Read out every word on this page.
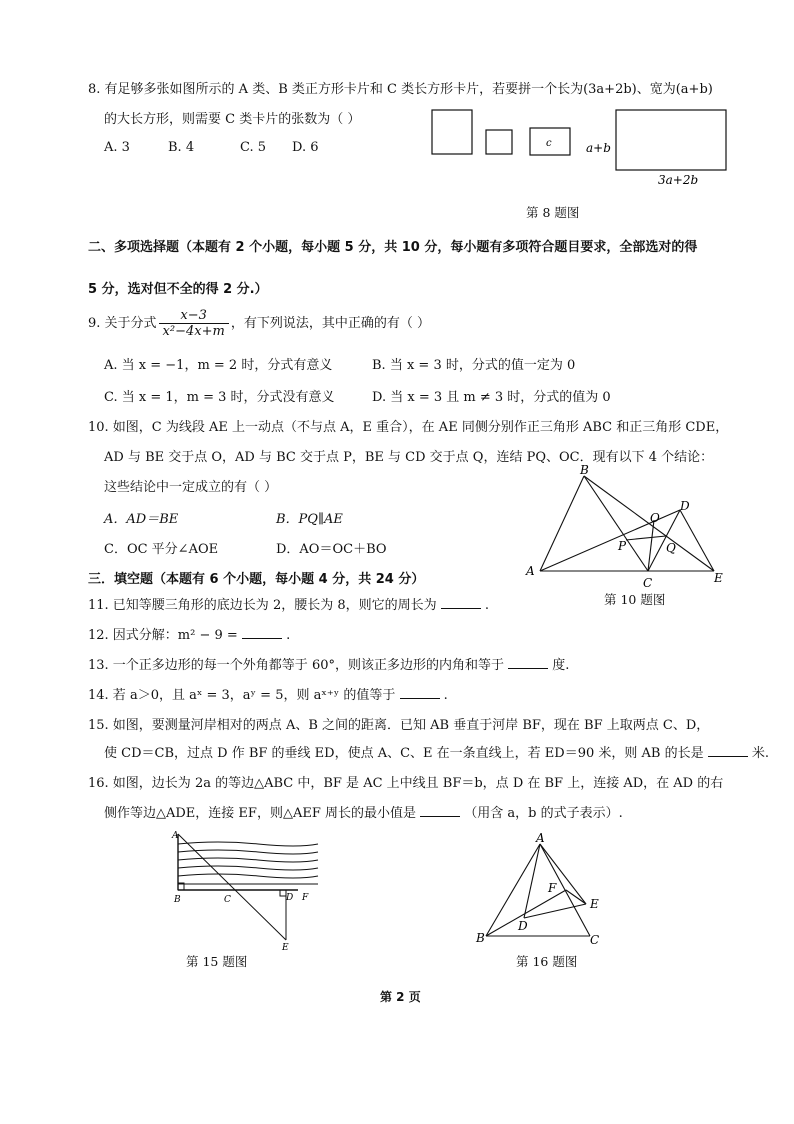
8. 有足够多张如图所示的 A 类、B 类正方形卡片和 C 类长方形卡片，若要拼一个长为(3a+2b)、宽为(a+b)
的大长方形，则需要 C 类卡片的张数为（ ）
A. 3	B. 4	C. 5 D. 6	c	a+b
3a+2b
第 8 题图
二、多项选择题（本题有 2 个小题，每小题 5 分，共 10 分，每小题有多项符合题目要求，全部选对的得
5 分，选对但不全的得 2 分.）
9. 关于分式 $\frac{x-3}{\text{x²−4x+m}}$ ，有下列说法，其中正确的有（ ）
A. 当 x = −1，m = 2 时，分式有意义	B. 当 x = 3 时，分式的值一定为 0
C. 当 x = 1，m = 3 时，分式没有意义	D. 当 x = 3 且 m ≠ 3 时，分式的值为 0
10. 如图，C 为线段 AE 上一动点（不与点 A，E 重合），在 AE 同侧分别作正三角形 ABC 和正三角形 CDE，
AD 与 BE 交于点 O，AD 与 BC 交于点 P，BE 与 CD 交于点 Q，连结 PQ、OC．现有以下 4 个结论：
这些结论中一定成立的有（ ）
A．AD＝BE	B．PQ∥AE
C．OC 平分∠AOE	D．AO＝OC＋BO
B
A
C
D
E
O
P	Q
第 10 题图
三．填空题（本题有 6 个小题，每小题 4 分，共 24 分）
11. 已知等腰三角形的底边长为 2，腰长为 8，则它的周长为	.
12. 因式分解：m² − 9 =	.
13. 一个正多边形的每一个外角都等于 60°，则该正多边形的内角和等于	度.
14. 若 a＞0，且 aˣ = 3，aʸ = 5，则 aˣ⁺ʸ 的值等于	.
15. 如图，要测量河岸相对的两点 A、B 之间的距离．已知 AB 垂直于河岸 BF，现在 BF 上取两点 C、D，
使 CD＝CB，过点 D 作 BF 的垂线 ED，使点 A、C、E 在一条直线上，若 ED＝90 米，则 AB 的长是	米.
16. 如图，边长为 2a 的等边△ABC 中，BF 是 AC 上中线且 BF＝b，点 D 在 BF 上，连接 AD，在 AD 的右
侧作等边△ADE，连接 EF，则△AEF 周长的最小值是	（用含 a，b 的式子表示）.
A
B	C	D F
E
第 15 题图
A
F
E
D
B	C
第 16 题图
第 2 页
